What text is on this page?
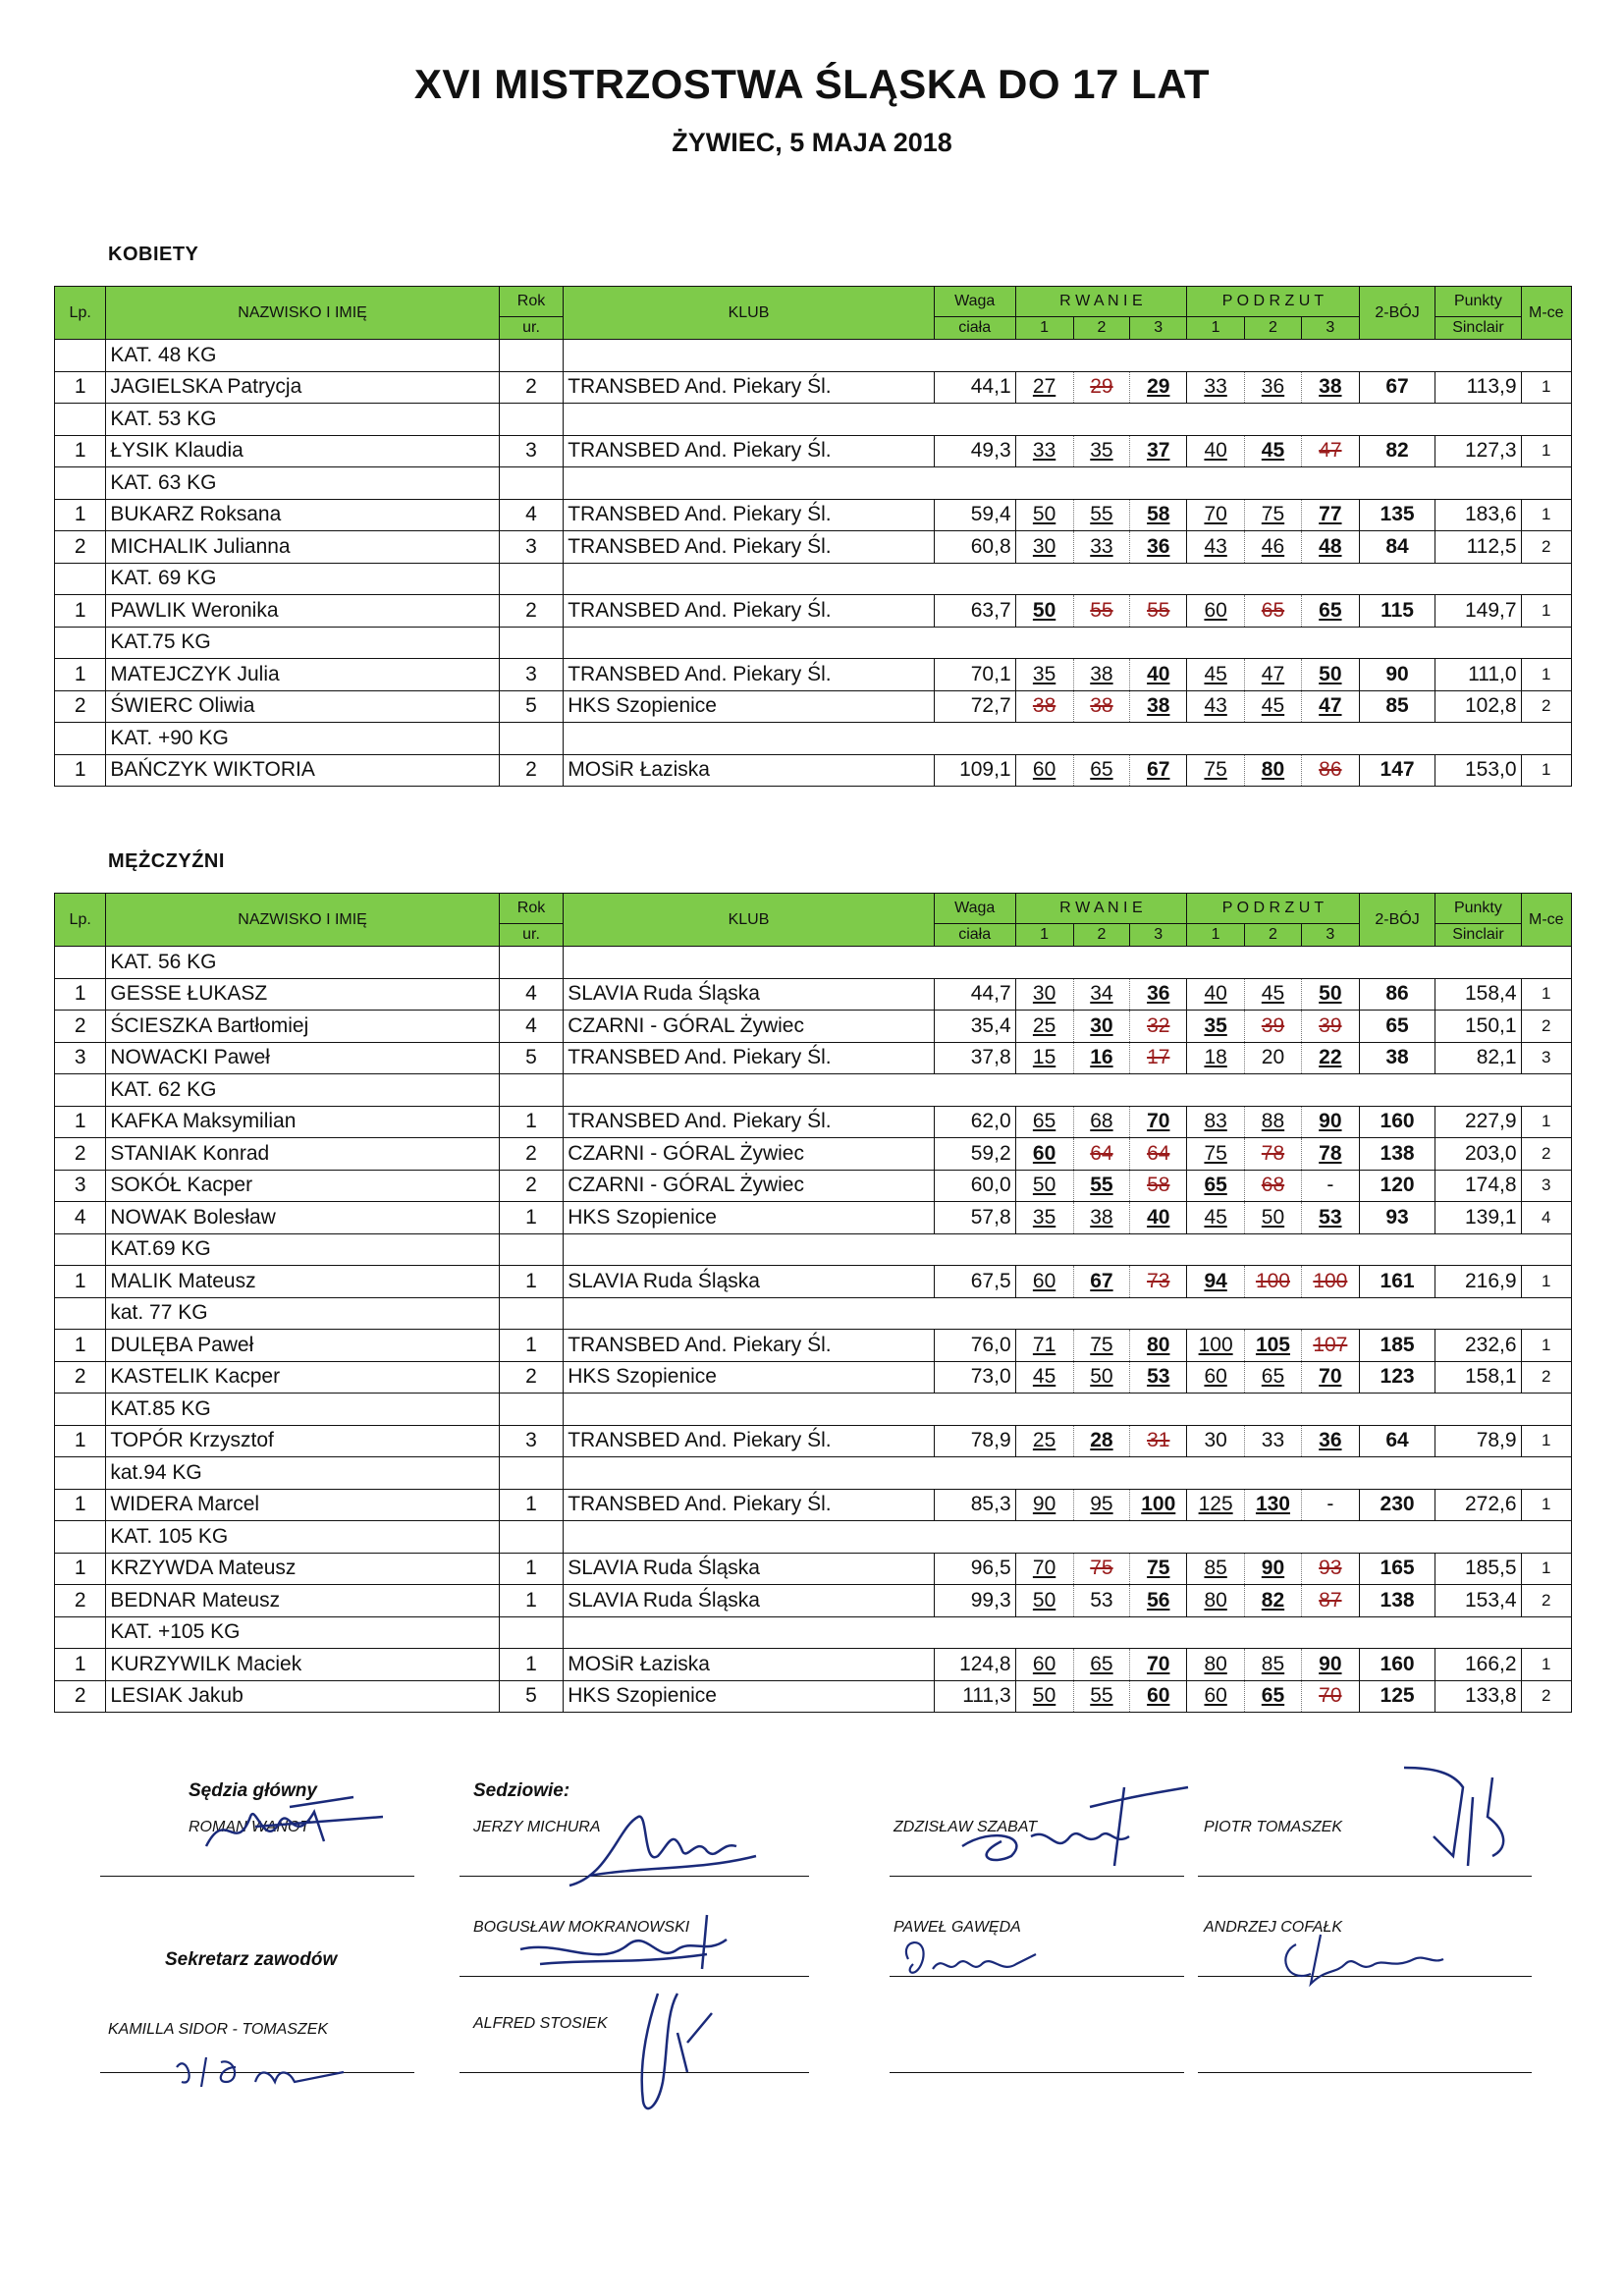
XVI MISTRZOSTWA ŚLĄSKA DO 17 LAT
ŻYWIEC, 5 MAJA 2018
KOBIETY
Lp.	NAZWISKO I IMIĘ	Rok	KLUB	Waga	R W A N I E			P O D R Z U T			2-BÓJ	Punkty	M-ce
		ur.		ciała	1	2	3	1	2	3		Sinclair	
	KAT. 48 KG												
1	JAGIELSKA Patrycja	2	TRANSBED And. Piekary Śl.	44,1	27	29	29	33	36	38	67	113,9	1
	KAT. 53 KG												
1	ŁYSIK Klaudia	3	TRANSBED And. Piekary Śl.	49,3	33	35	37	40	45	47	82	127,3	1
	KAT. 63 KG												
1	BUKARZ Roksana	4	TRANSBED And. Piekary Śl.	59,4	50	55	58	70	75	77	135	183,6	1
2	MICHALIK Julianna	3	TRANSBED And. Piekary Śl.	60,8	30	33	36	43	46	48	84	112,5	2
	KAT. 69 KG												
1	PAWLIK Weronika	2	TRANSBED And. Piekary Śl.	63,7	50	55	55	60	65	65	115	149,7	1
	KAT.75 KG												
1	MATEJCZYK Julia	3	TRANSBED And. Piekary Śl.	70,1	35	38	40	45	47	50	90	111,0	1
2	ŚWIERC Oliwia	5	HKS Szopienice	72,7	38	38	38	43	45	47	85	102,8	2
	KAT. +90 KG												
1	BAŃCZYK WIKTORIA	2	MOSiR Łaziska	109,1	60	65	67	75	80	86	147	153,0	1
MĘŻCZYŹNI
Lp.	NAZWISKO I IMIĘ	Rok	KLUB	Waga	R W A N I E			P O D R Z U T			2-BÓJ	Punkty	M-ce
		ur.		ciała	1	2	3	1	2	3		Sinclair	
	KAT. 56 KG												
1	GESSE ŁUKASZ	4	SLAVIA Ruda Śląska	44,7	30	34	36	40	45	50	86	158,4	1
2	ŚCIESZKA Bartłomiej	4	CZARNI - GÓRAL Żywiec	35,4	25	30	32	35	39	39	65	150,1	2
3	NOWACKI Paweł	5	TRANSBED And. Piekary Śl.	37,8	15	16	17	18	20	22	38	82,1	3
	KAT. 62 KG												
1	KAFKA Maksymilian	1	TRANSBED And. Piekary Śl.	62,0	65	68	70	83	88	90	160	227,9	1
2	STANIAK Konrad	2	CZARNI - GÓRAL Żywiec	59,2	60	64	64	75	78	78	138	203,0	2
3	SOKÓŁ Kacper	2	CZARNI - GÓRAL Żywiec	60,0	50	55	58	65	68	-	120	174,8	3
4	NOWAK Bolesław	1	HKS Szopienice	57,8	35	38	40	45	50	53	93	139,1	4
	KAT.69 KG												
1	MALIK Mateusz	1	SLAVIA Ruda Śląska	67,5	60	67	73	94	100	100	161	216,9	1
	kat. 77 KG												
1	DULĘBA Paweł	1	TRANSBED And. Piekary Śl.	76,0	71	75	80	100	105	107	185	232,6	1
2	KASTELIK Kacper	2	HKS Szopienice	73,0	45	50	53	60	65	70	123	158,1	2
	KAT.85 KG												
1	TOPÓR Krzysztof	3	TRANSBED And. Piekary Śl.	78,9	25	28	31	30	33	36	64	78,9	1
	kat.94 KG												
1	WIDERA Marcel	1	TRANSBED And. Piekary Śl.	85,3	90	95	100	125	130	-	230	272,6	1
	KAT. 105 KG												
1	KRZYWDA Mateusz	1	SLAVIA Ruda Śląska	96,5	70	75	75	85	90	93	165	185,5	1
2	BEDNAR Mateusz	1	SLAVIA Ruda Śląska	99,3	50	53	56	80	82	87	138	153,4	2
	KAT. +105 KG												
1	KURZYWILK Maciek	1	MOSiR Łaziska	124,8	60	65	70	80	85	90	160	166,2	1
2	LESIAK Jakub	5	HKS Szopienice	111,3	50	55	60	60	65	70	125	133,8	2
Sędzia główny
ROMAN WANOT
Sedziowie:
JERZY MICHURA	ZDZISŁAW SZABAT	PIOTR TOMASZEK
BOGUSŁAW MOKRANOWSKI	PAWEŁ GAWĘDA	ANDRZEJ COFAŁK
Sekretarz zawodów
KAMILLA SIDOR - TOMASZEK	ALFRED STOSIEK
